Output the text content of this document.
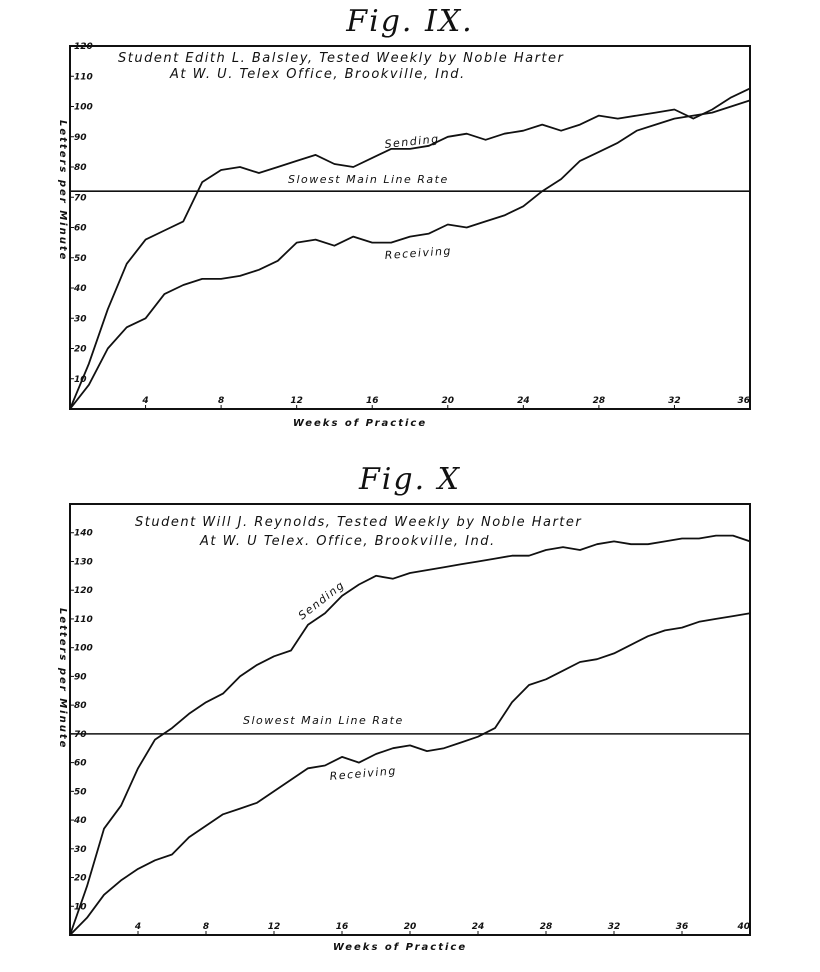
Fig. IX.
Student Edith L. Balsley, Tested Weekly by Noble Harter
At W. U. Telex Office, Brookville, Ind.
10
20
30
40
50
60
70
80
90
100
110
120
4	8	12	16	20	24	28	32	36
Slowest Main Line Rate
Sending
Receiving
Weeks of Practice
Letters per Minute
Fig. X
Student Will J. Reynolds, Tested Weekly by Noble Harter
At W. U Telex. Office, Brookville, Ind.
10
20
30
40
50
60
70
80
90
100
110
120
130
140
4	8	12	16	20	24	28	32	36	40
Slowest Main Line Rate
Sending
Receiving
Weeks of Practice
Letters per Minute
